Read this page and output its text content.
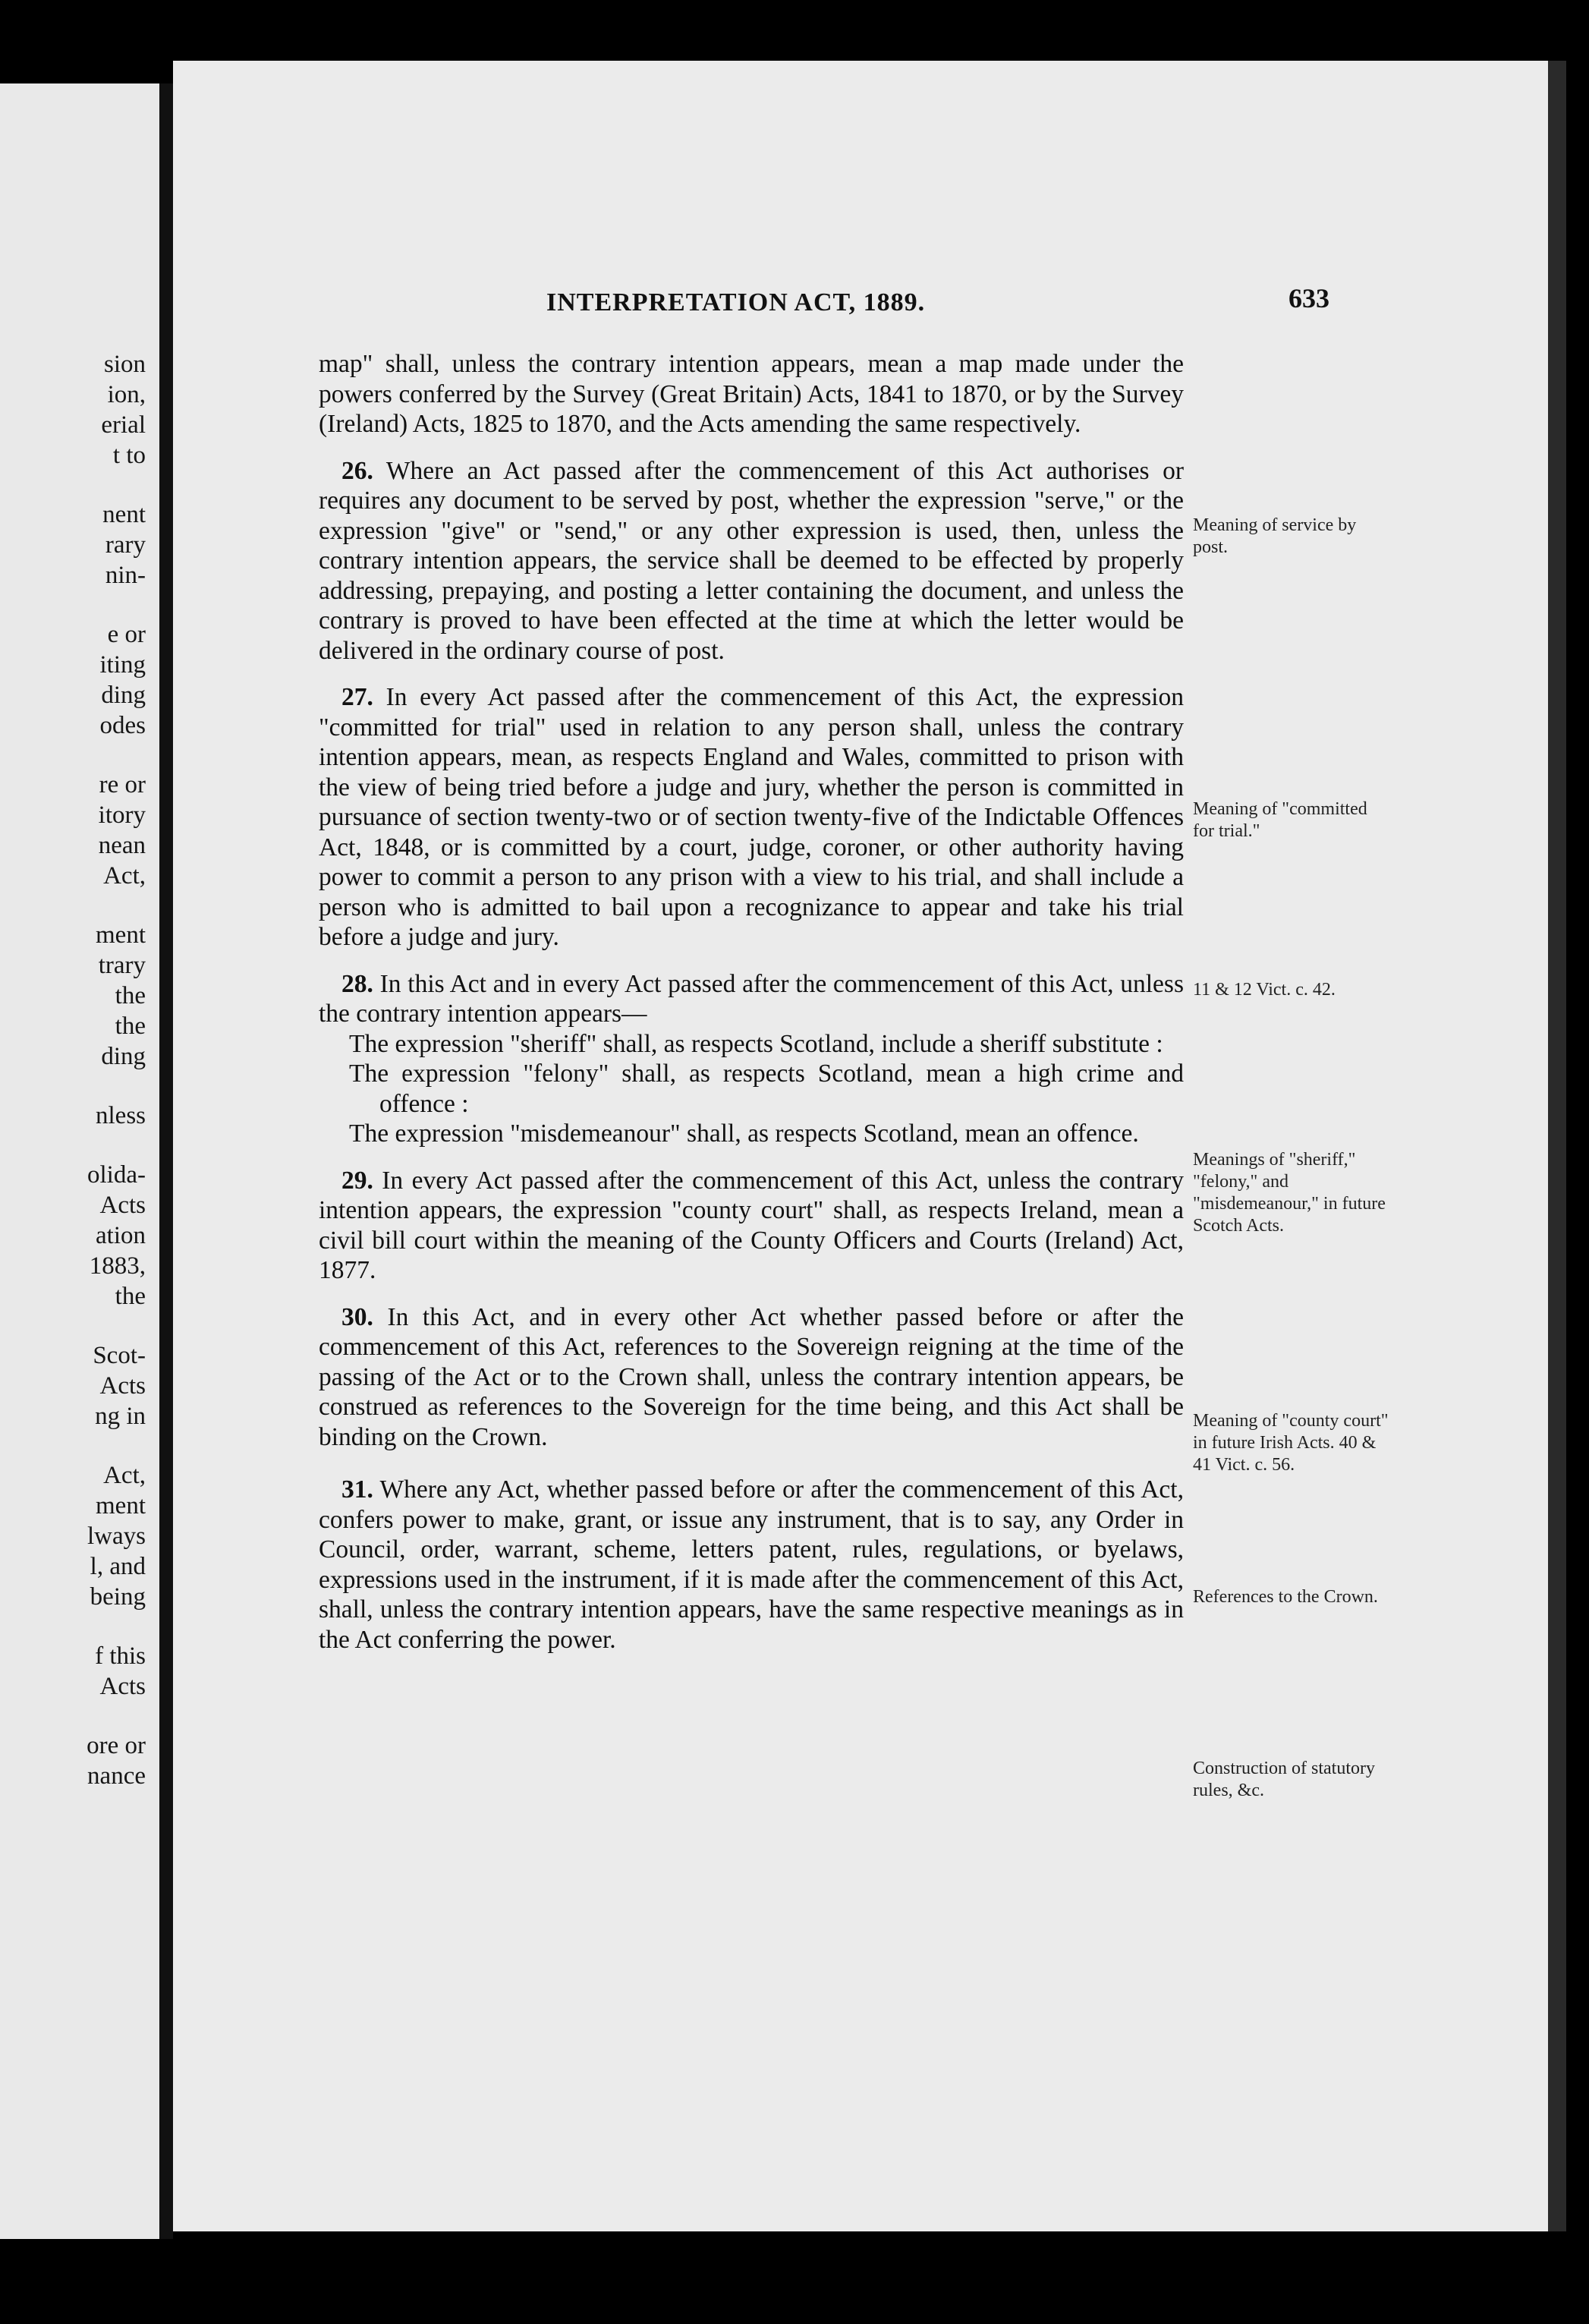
sion
ion,
erial
t to
nent
rary
nin-
e or
iting
ding
odes
re or
itory
nean
Act,
ment
trary
the
the
ding
nless
olida-
Acts
ation
1883,
the
Scot-
Acts
ng in
Act,
ment
lways
l, and
being
f this
Acts
ore or
nance
INTERPRETATION ACT, 1889.	633

map" shall, unless the contrary intention appears, mean a map made under the powers conferred by the Survey (Great Britain) Acts, 1841 to 1870, or by the Survey (Ireland) Acts, 1825 to 1870, and the Acts amending the same respectively.

26. Where an Act passed after the commencement of this Act authorises or requires any document to be served by post, whether the expression "serve," or the expression "give" or "send," or any other expression is used, then, unless the contrary intention appears, the service shall be deemed to be effected by properly addressing, prepaying, and posting a letter containing the document, and unless the contrary is proved to have been effected at the time at which the letter would be delivered in the ordinary course of post.

27. In every Act passed after the commencement of this Act, the expression "committed for trial" used in relation to any person shall, unless the contrary intention appears, mean, as respects England and Wales, committed to prison with the view of being tried before a judge and jury, whether the person is committed in pursuance of section twenty-two or of section twenty-five of the Indictable Offences Act, 1848, or is committed by a court, judge, coroner, or other authority having power to commit a person to any prison with a view to his trial, and shall include a person who is admitted to bail upon a recognizance to appear and take his trial before a judge and jury.

28. In this Act and in every Act passed after the commencement of this Act, unless the contrary intention appears—
The expression "sheriff" shall, as respects Scotland, include a sheriff substitute :
The expression "felony" shall, as respects Scotland, mean a high crime and offence :
The expression "misdemeanour" shall, as respects Scotland, mean an offence.

29. In every Act passed after the commencement of this Act, unless the contrary intention appears, the expression "county court" shall, as respects Ireland, mean a civil bill court within the meaning of the County Officers and Courts (Ireland) Act, 1877.

30. In this Act, and in every other Act whether passed before or after the commencement of this Act, references to the Sovereign reigning at the time of the passing of the Act or to the Crown shall, unless the contrary intention appears, be construed as references to the Sovereign for the time being, and this Act shall be binding on the Crown.

31. Where any Act, whether passed before or after the commencement of this Act, confers power to make, grant, or issue any instrument, that is to say, any Order in Council, order, warrant, scheme, letters patent, rules, regulations, or byelaws, expressions used in the instrument, if it is made after the commencement of this Act, shall, unless the contrary intention appears, have the same respective meanings as in the Act conferring the power.

Meaning of service by post.
Meaning of "committed for trial."
11 & 12 Vict. c. 42.
Meanings of "sheriff," "felony," and "misdemeanour," in future Scotch Acts.
Meaning of "county court" in future Irish Acts. 40 & 41 Vict. c. 56.
References to the Crown.
Construction of statutory rules, &c.
